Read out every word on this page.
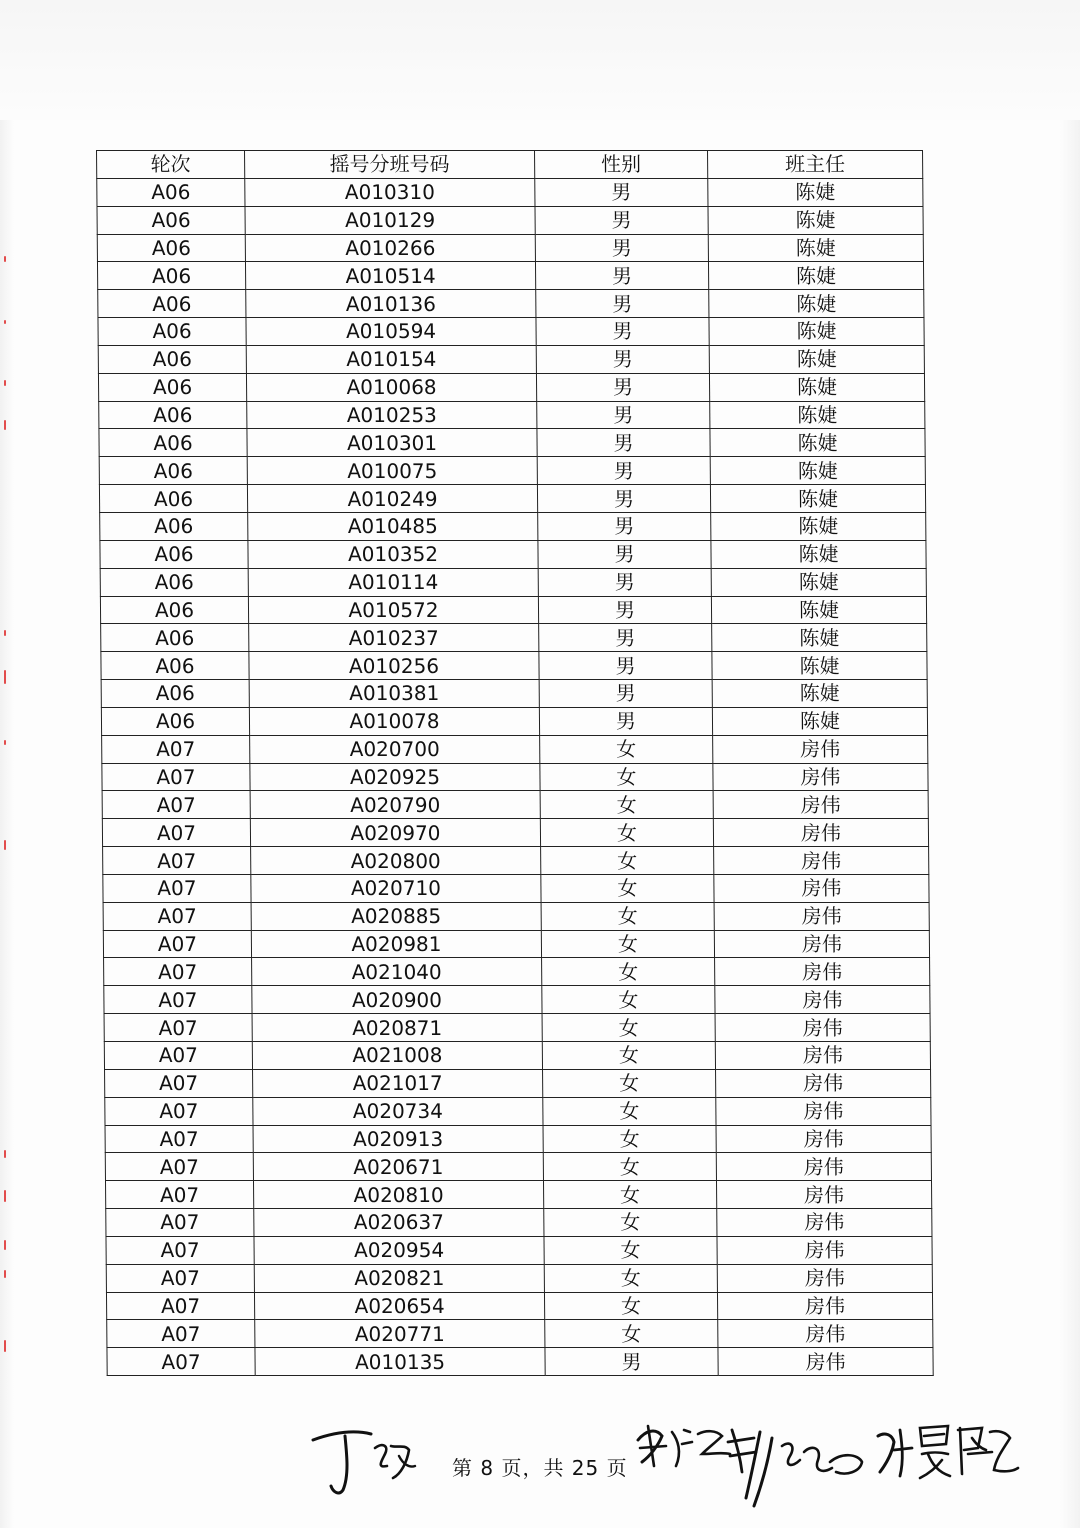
轮次	摇号分班号码	性别	班主任
A06	A010310	男	陈婕
A06	A010129	男	陈婕
A06	A010266	男	陈婕
A06	A010514	男	陈婕
A06	A010136	男	陈婕
A06	A010594	男	陈婕
A06	A010154	男	陈婕
A06	A010068	男	陈婕
A06	A010253	男	陈婕
A06	A010301	男	陈婕
A06	A010075	男	陈婕
A06	A010249	男	陈婕
A06	A010485	男	陈婕
A06	A010352	男	陈婕
A06	A010114	男	陈婕
A06	A010572	男	陈婕
A06	A010237	男	陈婕
A06	A010256	男	陈婕
A06	A010381	男	陈婕
A06	A010078	男	陈婕
A07	A020700	女	房伟
A07	A020925	女	房伟
A07	A020790	女	房伟
A07	A020970	女	房伟
A07	A020800	女	房伟
A07	A020710	女	房伟
A07	A020885	女	房伟
A07	A020981	女	房伟
A07	A021040	女	房伟
A07	A020900	女	房伟
A07	A020871	女	房伟
A07	A021008	女	房伟
A07	A021017	女	房伟
A07	A020734	女	房伟
A07	A020913	女	房伟
A07	A020671	女	房伟
A07	A020810	女	房伟
A07	A020637	女	房伟
A07	A020954	女	房伟
A07	A020821	女	房伟
A07	A020654	女	房伟
A07	A020771	女	房伟
A07	A010135	男	房伟
第 8 页，共 25 页
